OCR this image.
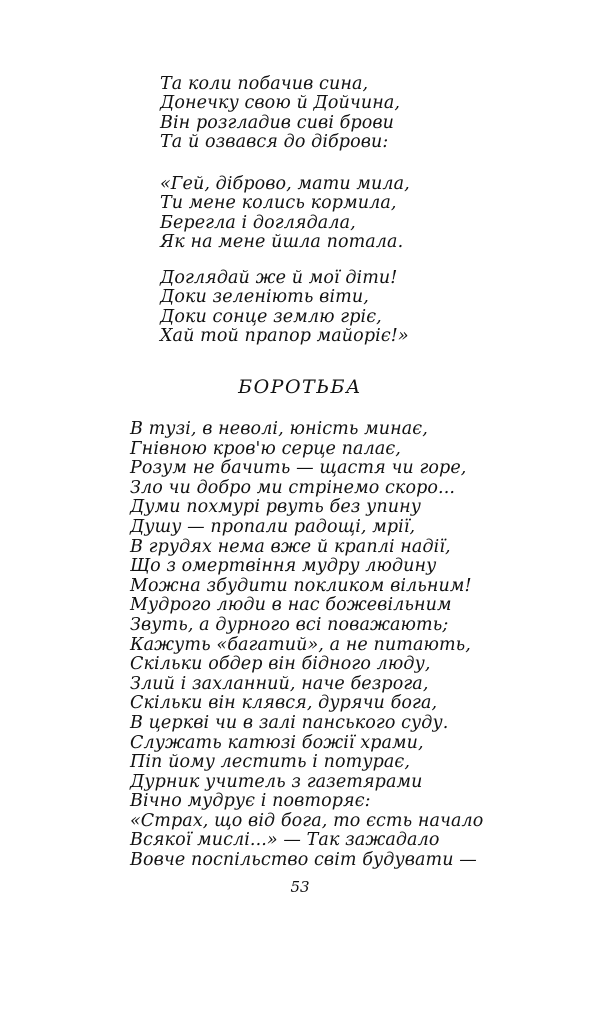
Та коли побачив сина,
Донечку свою й Дойчина,
Він розгладив сиві брови
Та й озвався до діброви:
«Гей, діброво, мати мила,
Ти мене колись кормила,
Берегла і доглядала,
Як на мене йшла потала.
Доглядай же й мої діти!
Доки зеленіють віти,
Доки сонце землю гріє,
Хай той прапор майоріє!»
БОРОТЬБА
В тузі, в неволі, юність минає,
Гнівною кров'ю серце палає,
Розум не бачить — щастя чи горе,
Зло чи добро ми стрінемо скоро...
Думи похмурі рвуть без упину
Душу — пропали радощі, мрії,
В грудях нема вже й краплі надії,
Що з омертвіння мудру людину
Можна збудити покликом вільним!
Мудрого люди в нас божевільним
Звуть, а дурного всі поважають;
Кажуть «багатий», а не питають,
Скільки обдер він бідного люду,
Злий і захланний, наче безрога,
Скільки він клявся, дурячи бога,
В церкві чи в залі панського суду.
Служать катюзі божії храми,
Піп йому лестить і потурає,
Дурник учитель з газетярами
Вічно мудрує і повторяє:
«Страх, що від бога, то єсть начало
Всякої мислі...» — Так зажадало
Вовче поспільство світ будувати —
53
